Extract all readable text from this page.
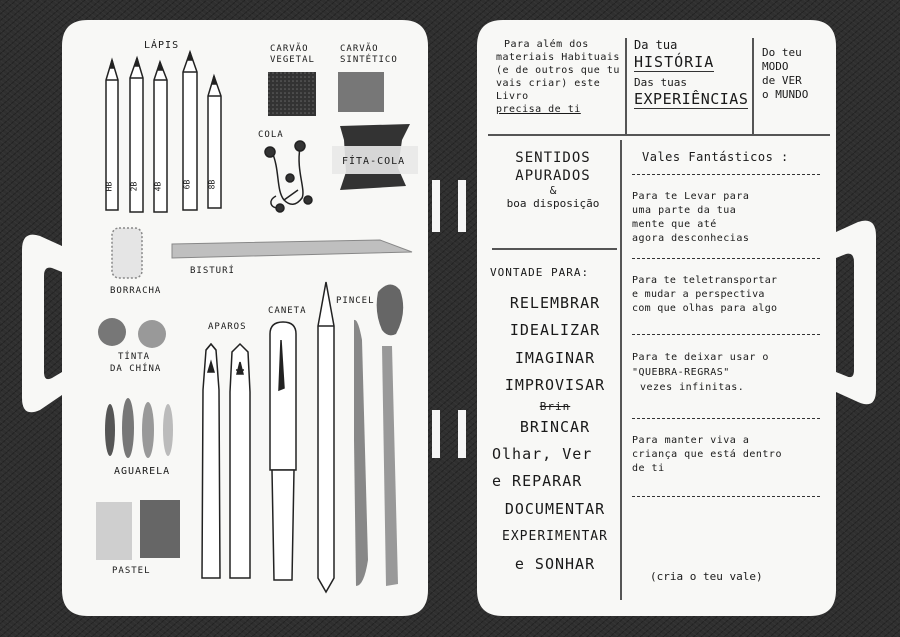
LÁPIS	CARVÃO
VEGETAL
CARVÃO
SINTÉTICO
COLA
FÍTA-COLA
BISTURÍ
BORRACHA
TÍNTA
DA CHÍNA
APAROS
CANETA
PINCEL
AGUARELA
PASTEL
HB 2B 4B	6B 8B
Para além dos
materiais Habituais
(e de outros que tu
vais criar) este
Livro
precisa de ti
Da tua
HISTÓRIA
Das tuas
EXPERIÊNCIAS
Do teu
MODO
de VER
o MUNDO
SENTIDOS
APURADOS
&
boa disposição
VONTADE PARA:
RELEMBRAR
IDEALIZAR
IMAGINAR
IMPROVISAR
Brin
BRINCAR
Olhar, Ver
e REPARAR
DOCUMENTAR
EXPERIMENTAR
e SONHAR
Vales Fantásticos :
Para te Levar para
uma parte da tua
mente que até
agora desconhecias
Para te teletransportar
e mudar a perspectiva
com que olhas para algo
Para te deixar usar o
"QUEBRA-REGRAS"
vezes infinitas.
Para manter viva a
criança que está dentro
de ti
(cria o teu vale)
